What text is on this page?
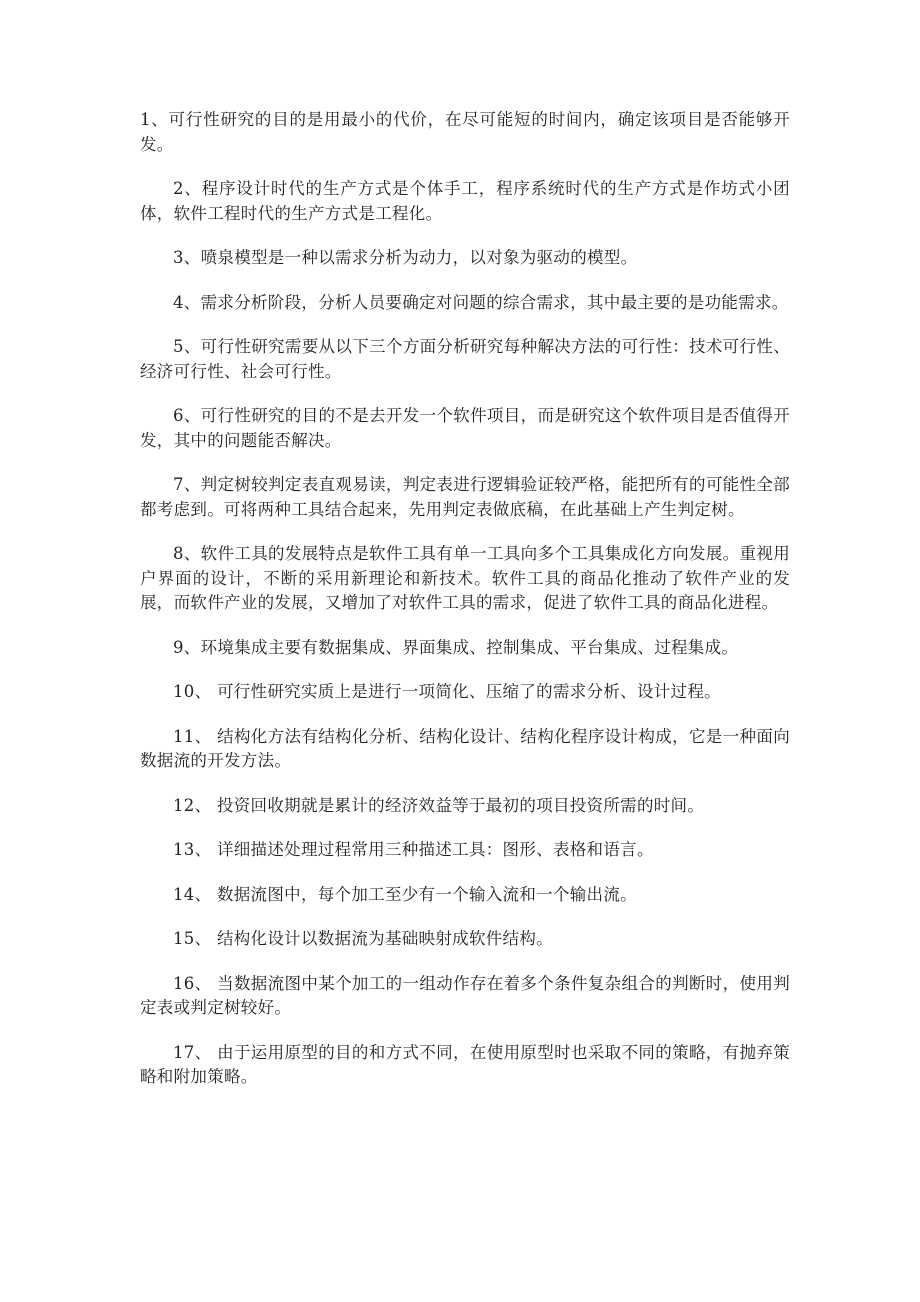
1、可行性研究的目的是用最小的代价，在尽可能短的时间内，确定该项目是否能够开发。

2、程序设计时代的生产方式是个体手工，程序系统时代的生产方式是作坊式小团体，软件工程时代的生产方式是工程化。

3、喷泉模型是一种以需求分析为动力，以对象为驱动的模型。

4、需求分析阶段，分析人员要确定对问题的综合需求，其中最主要的是功能需求。

5、可行性研究需要从以下三个方面分析研究每种解决方法的可行性：技术可行性、经济可行性、社会可行性。

6、可行性研究的目的不是去开发一个软件项目，而是研究这个软件项目是否值得开发，其中的问题能否解决。

7、判定树较判定表直观易读，判定表进行逻辑验证较严格，能把所有的可能性全部都考虑到。可将两种工具结合起来，先用判定表做底稿，在此基础上产生判定树。

8、软件工具的发展特点是软件工具有单一工具向多个工具集成化方向发展。重视用户界面的设计，不断的采用新理论和新技术。软件工具的商品化推动了软件产业的发展，而软件产业的发展，又增加了对软件工具的需求，促进了软件工具的商品化进程。

9、环境集成主要有数据集成、界面集成、控制集成、平台集成、过程集成。

10、 可行性研究实质上是进行一项简化、压缩了的需求分析、设计过程。

11、 结构化方法有结构化分析、结构化设计、结构化程序设计构成，它是一种面向数据流的开发方法。

12、 投资回收期就是累计的经济效益等于最初的项目投资所需的时间。

13、 详细描述处理过程常用三种描述工具：图形、表格和语言。

14、 数据流图中，每个加工至少有一个输入流和一个输出流。

15、 结构化设计以数据流为基础映射成软件结构。

16、 当数据流图中某个加工的一组动作存在着多个条件复杂组合的判断时，使用判定表或判定树较好。

17、 由于运用原型的目的和方式不同，在使用原型时也采取不同的策略，有抛弃策略和附加策略。
